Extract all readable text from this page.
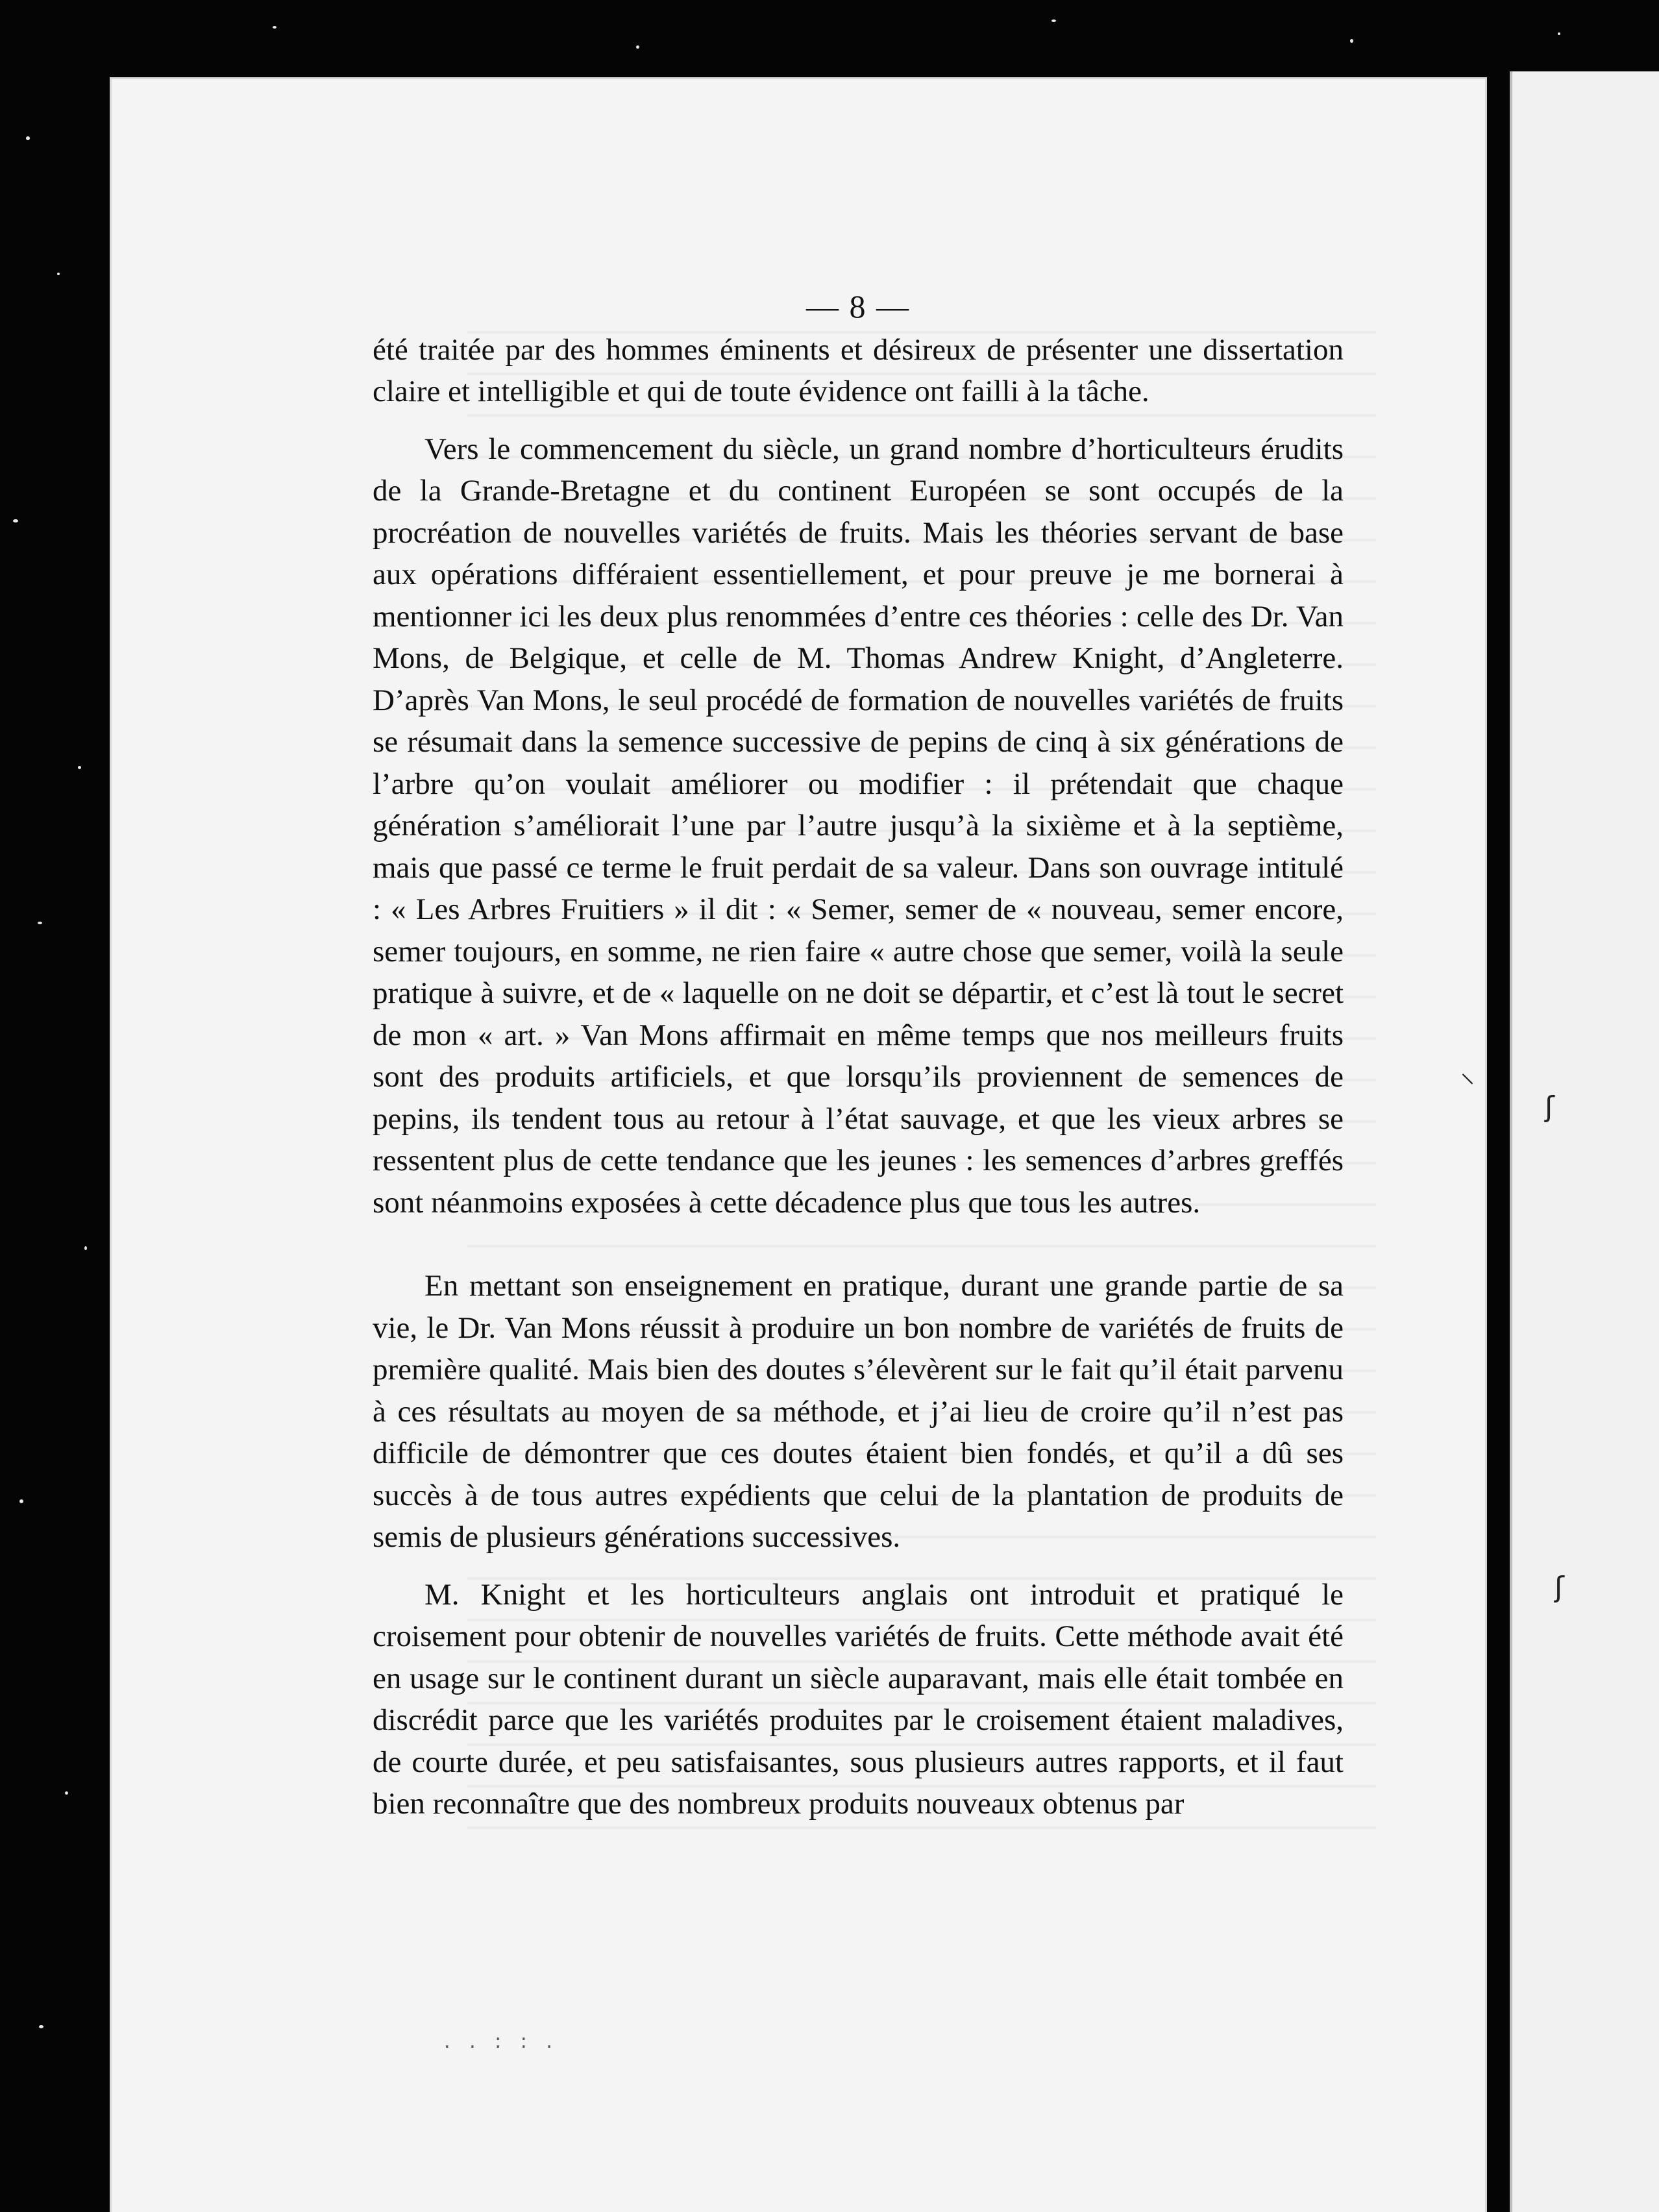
⸜
ʃ
ʃ
— 8 —

été traitée par des hommes éminents et désireux de présenter une dissertation claire et intelligible et qui de toute évidence ont failli à la tâche.

Vers le commencement du siècle, un grand nombre d’horticulteurs érudits de la Grande-Bretagne et du continent Européen se sont occupés de la procréation de nouvelles variétés de fruits. Mais les théories servant de base aux opérations différaient essentiellement, et pour preuve je me bornerai à mentionner ici les deux plus renommées d’entre ces théories : celle des Dr. Van Mons, de Belgique, et celle de M. Thomas Andrew Knight, d’Angleterre. D’après Van Mons, le seul procédé de formation de nouvelles variétés de fruits se résumait dans la semence successive de pepins de cinq à six générations de l’arbre qu’on voulait améliorer ou modifier : il prétendait que chaque génération s’améliorait l’une par l’autre jusqu’à la sixième et à la septième, mais que passé ce terme le fruit perdait de sa valeur. Dans son ouvrage intitulé : « Les Arbres Fruitiers » il dit : « Semer, semer de « nouveau, semer encore, semer toujours, en somme, ne rien faire « autre chose que semer, voilà la seule pratique à suivre, et de « laquelle on ne doit se départir, et c’est là tout le secret de mon « art. » Van Mons affirmait en même temps que nos meilleurs fruits sont des produits artificiels, et que lorsqu’ils proviennent de semences de pepins, ils tendent tous au retour à l’état sauvage, et que les vieux arbres se ressentent plus de cette tendance que les jeunes : les semences d’arbres greffés sont néanmoins exposées à cette décadence plus que tous les autres.

En mettant son enseignement en pratique, durant une grande partie de sa vie, le Dr. Van Mons réussit à produire un bon nombre de variétés de fruits de première qualité. Mais bien des doutes s’élevèrent sur le fait qu’il était parvenu à ces résultats au moyen de sa méthode, et j’ai lieu de croire qu’il n’est pas difficile de démontrer que ces doutes étaient bien fondés, et qu’il a dû ses succès à de tous autres expédients que celui de la plantation de produits de semis de plusieurs générations successives.

M. Knight et les horticulteurs anglais ont introduit et pratiqué le croisement pour obtenir de nouvelles variétés de fruits. Cette méthode avait été en usage sur le continent durant un siècle auparavant, mais elle était tombée en discrédit parce que les variétés produites par le croisement étaient maladives, de courte durée, et peu satisfaisantes, sous plusieurs autres rapports, et il faut bien reconnaître que des nombreux produits nouveaux obtenus par

. . : : .
